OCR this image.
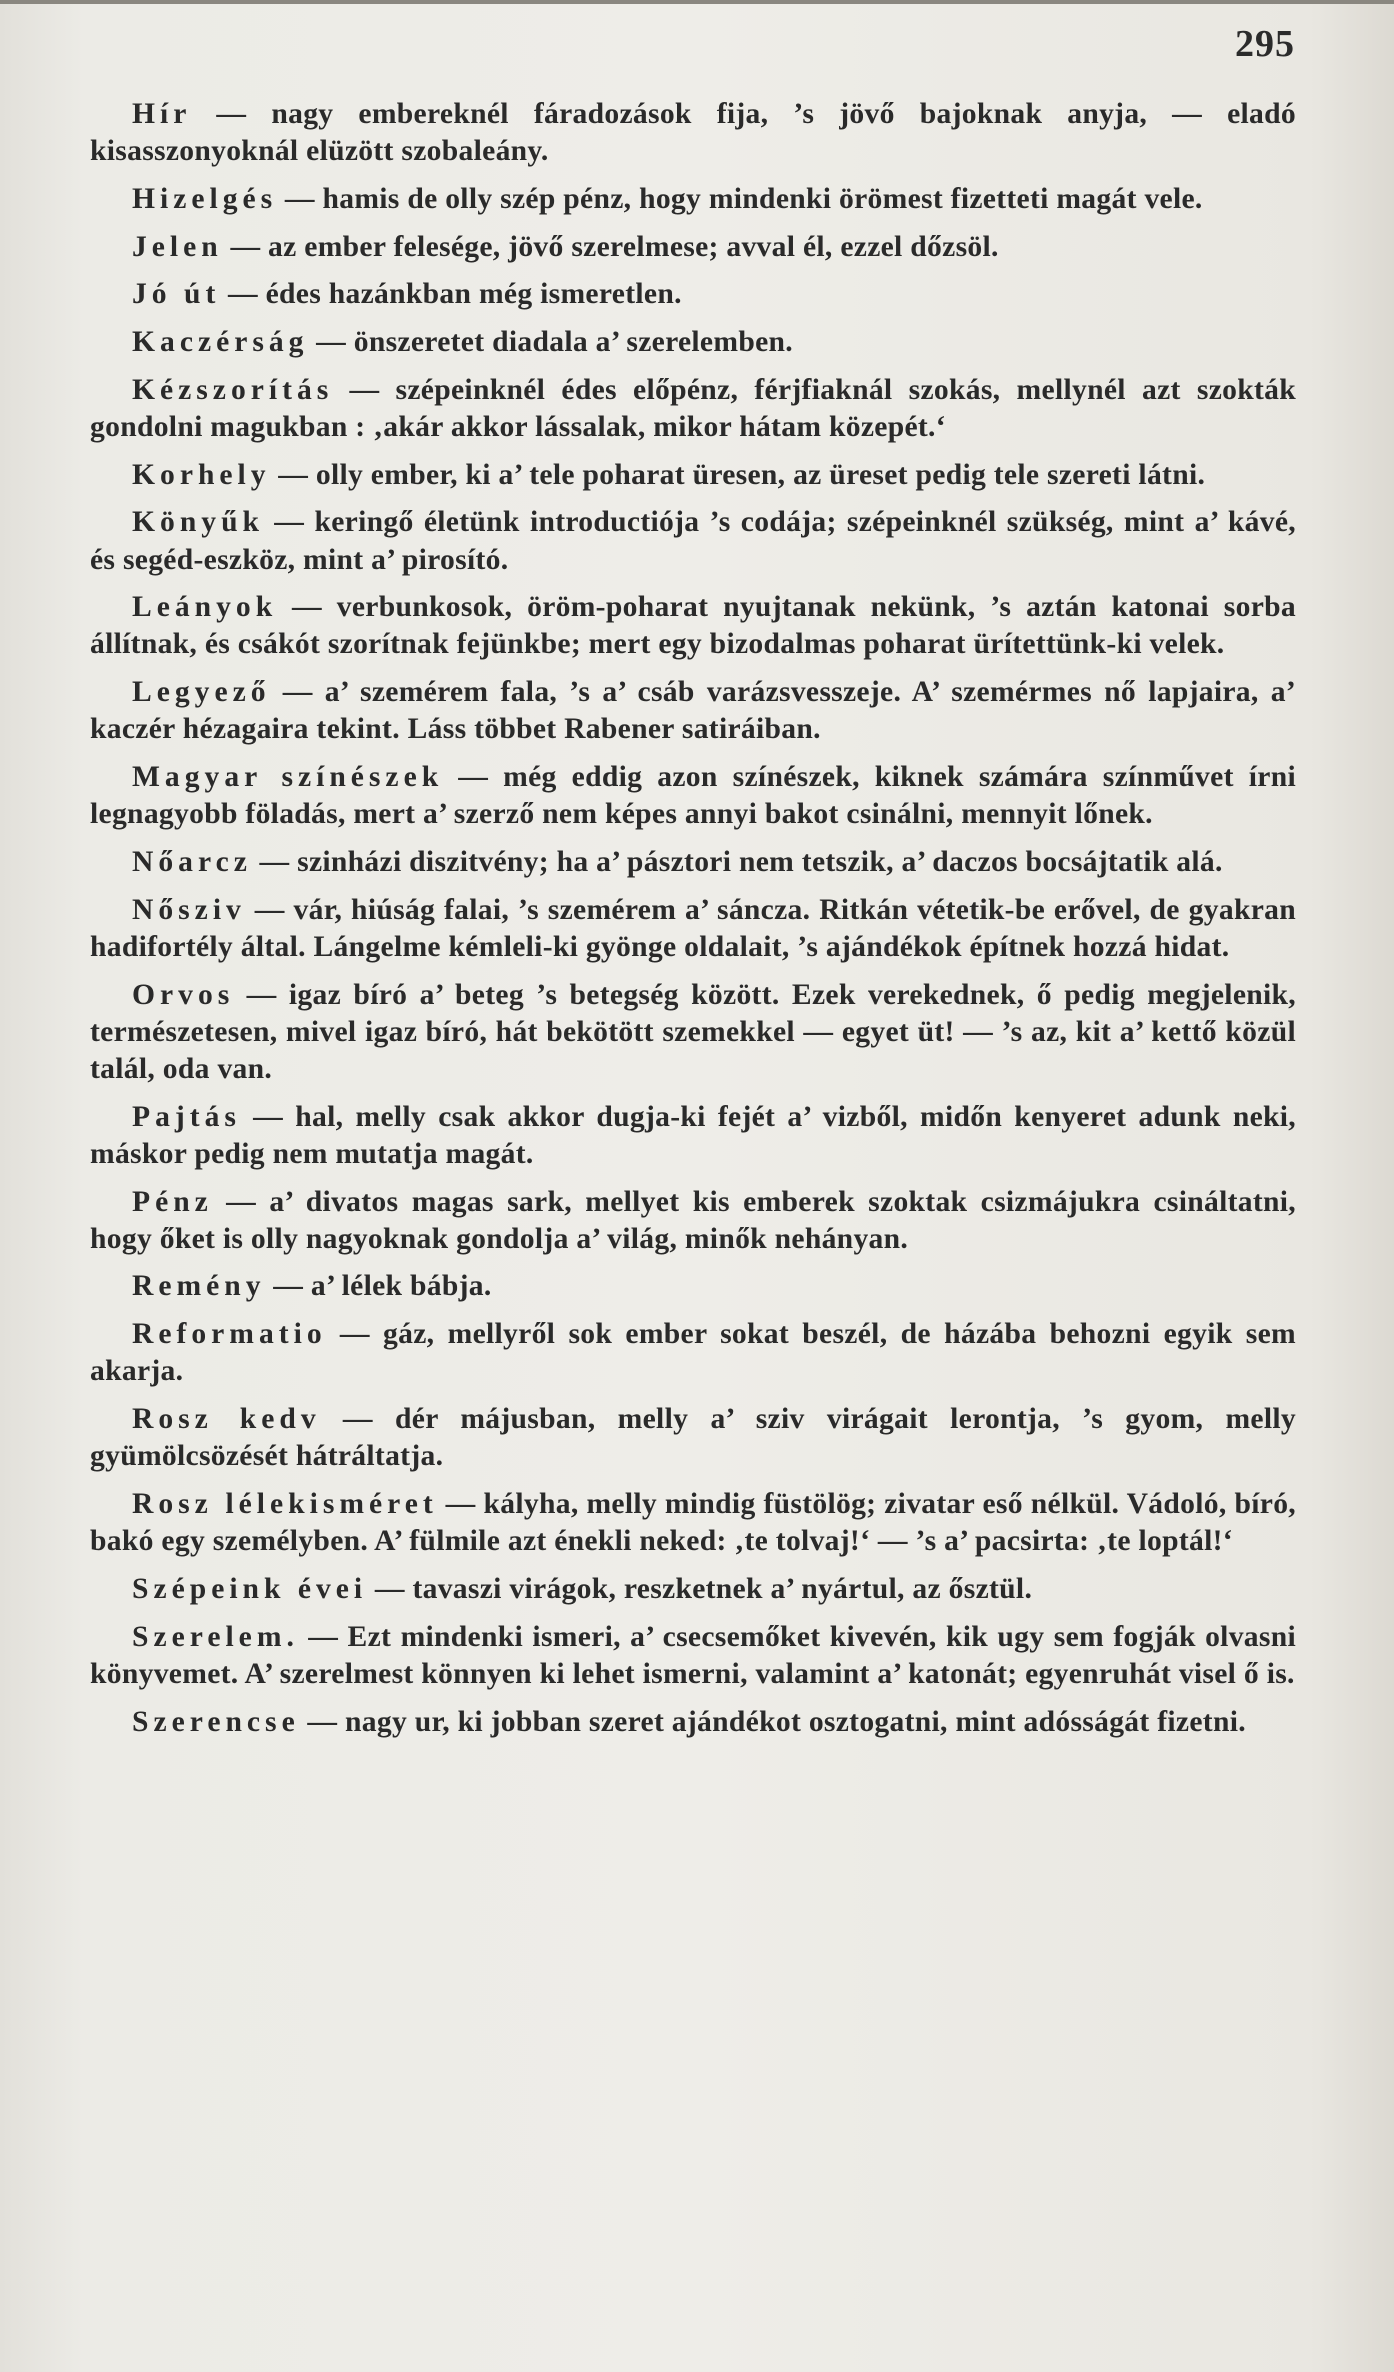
295

Hír — nagy embereknél fáradozások fija, ’s jövő bajoknak anyja, — eladó kisasszonyoknál elüzött szobaleány.

Hizelgés — hamis de olly szép pénz, hogy mindenki örömest fizetteti magát vele.

Jelen — az ember felesége, jövő szerelmese; avval él, ezzel dőzsöl.

Jó út — édes hazánkban még ismeretlen.

Kaczérság — önszeretet diadala a’ szerelemben.

Kézszorítás — szépeinknél édes előpénz, férjfiaknál szokás, mellynél azt szokták gondolni magukban : ‚akár akkor lássalak, mikor hátam közepét.‘

Korhely — olly ember, ki a’ tele poharat üresen, az üreset pedig tele szereti látni.

Könyűk — keringő életünk introductiója ’s codája; szépeinknél szükség, mint a’ kávé, és segéd-eszköz, mint a’ pirosító.

Leányok — verbunkosok, öröm-poharat nyujtanak nekünk, ’s aztán katonai sorba állítnak, és csákót szorítnak fejünkbe; mert egy bizodalmas poharat ürítettünk-ki velek.

Legyező — a’ szemérem fala, ’s a’ csáb varázsvesszeje. A’ szemérmes nő lapjaira, a’ kaczér hézagaira tekint. Láss többet Rabener satiráiban.

Magyar színészek — még eddig azon színészek, kiknek számára színművet írni legnagyobb föladás, mert a’ szerző nem képes annyi bakot csinálni, mennyit lőnek.

Nőarcz — szinházi diszitvény; ha a’ pásztori nem tetszik, a’ daczos bocsájtatik alá.

Nősziv — vár, hiúság falai, ’s szemérem a’ sáncza. Ritkán vétetik-be erővel, de gyakran hadifortély által. Lángelme kémleli-ki gyönge oldalait, ’s ajándékok építnek hozzá hidat.

Orvos — igaz bíró a’ beteg ’s betegség között. Ezek verekednek, ő pedig megjelenik, természetesen, mivel igaz bíró, hát bekötött szemekkel — egyet üt! — ’s az, kit a’ kettő közül talál, oda van.

Pajtás — hal, melly csak akkor dugja-ki fejét a’ vizből, midőn kenyeret adunk neki, máskor pedig nem mutatja magát.

Pénz — a’ divatos magas sark, mellyet kis emberek szoktak csizmájukra csináltatni, hogy őket is olly nagyoknak gondolja a’ világ, minők nehányan.

Remény — a’ lélek bábja.

Reformatio — gáz, mellyről sok ember sokat beszél, de házába behozni egyik sem akarja.

Rosz kedv — dér májusban, melly a’ sziv virágait lerontja, ’s gyom, melly gyümölcsözését hátráltatja.

Rosz lélekisméret — kályha, melly mindig füstölög; zivatar eső nélkül. Vádoló, bíró, bakó egy személyben. A’ fülmile azt énekli neked: ‚te tolvaj!‘ — ’s a’ pacsirta: ‚te loptál!‘

Szépeink évei — tavaszi virágok, reszketnek a’ nyártul, az ősztül.

Szerelem. — Ezt mindenki ismeri, a’ csecsemőket kivevén, kik ugy sem fogják olvasni könyvemet. A’ szerelmest könnyen ki lehet ismerni, valamint a’ katonát; egyenruhát visel ő is.

Szerencse — nagy ur, ki jobban szeret ajándékot osztogatni, mint adósságát fizetni.
